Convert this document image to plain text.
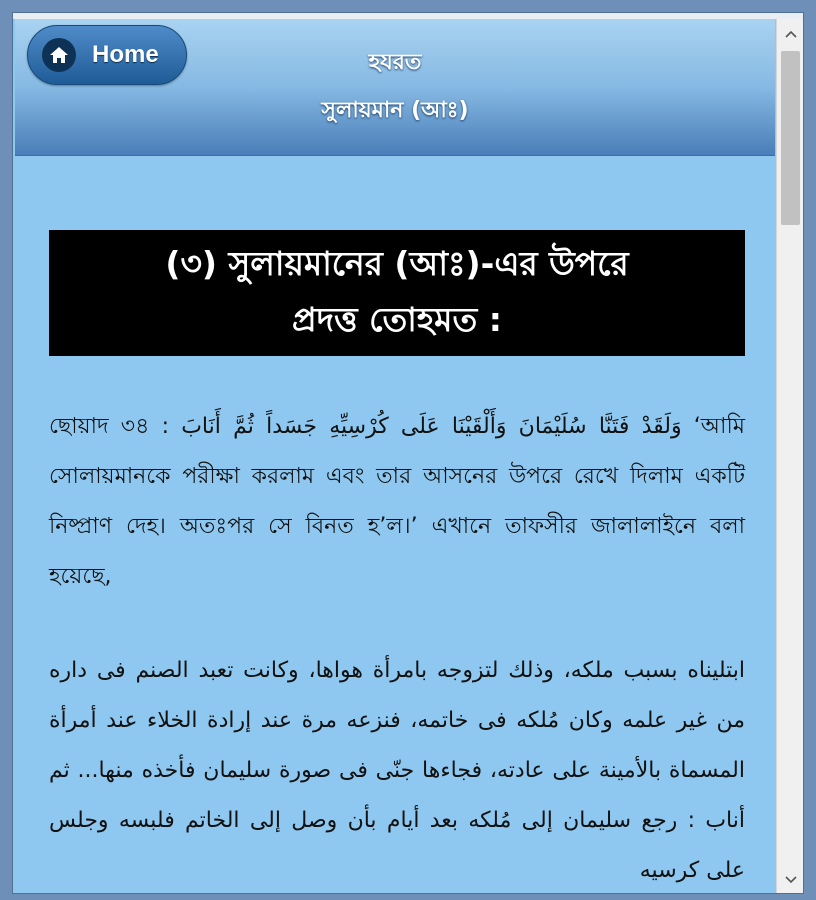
Home	হযরত
সুলায়মান (আঃ)
(৩) সুলায়মানের (আঃ)-এর উপরে
প্রদত্ত তোহমত :
ছোয়াদ ৩৪ : وَلَقَدْ فَتَنَّا سُلَيْمَانَ وَأَلْقَيْنَا عَلَى كُرْسِيِّهِ جَسَداً ثُمَّ أَنَابَ ‘আমি সোলায়মানকে পরীক্ষা করলাম এবং তার আসনের উপরে রেখে দিলাম একটি নিষ্প্রাণ দেহ। অতঃপর সে বিনত হ’ল।’ এখানে তাফসীর জালালাইনে বলা হয়েছে,
ابتليناه بسبب ملكه، وذلك لتزوجه بامرأة هواها، وكانت تعبد الصنم فى داره من غير علمه وكان مُلكه فى خاتمه، فنزعه مرة عند إرادة الخلاء عند أمرأة المسماة بالأمينة على عادته، فجاءها جنّى فى صورة سليمان فأخذه منها... ثم أناب : رجع سليمان إلى مُلكه بعد أيام بأن وصل إلى الخاتم فلبسه وجلس على كرسيه
